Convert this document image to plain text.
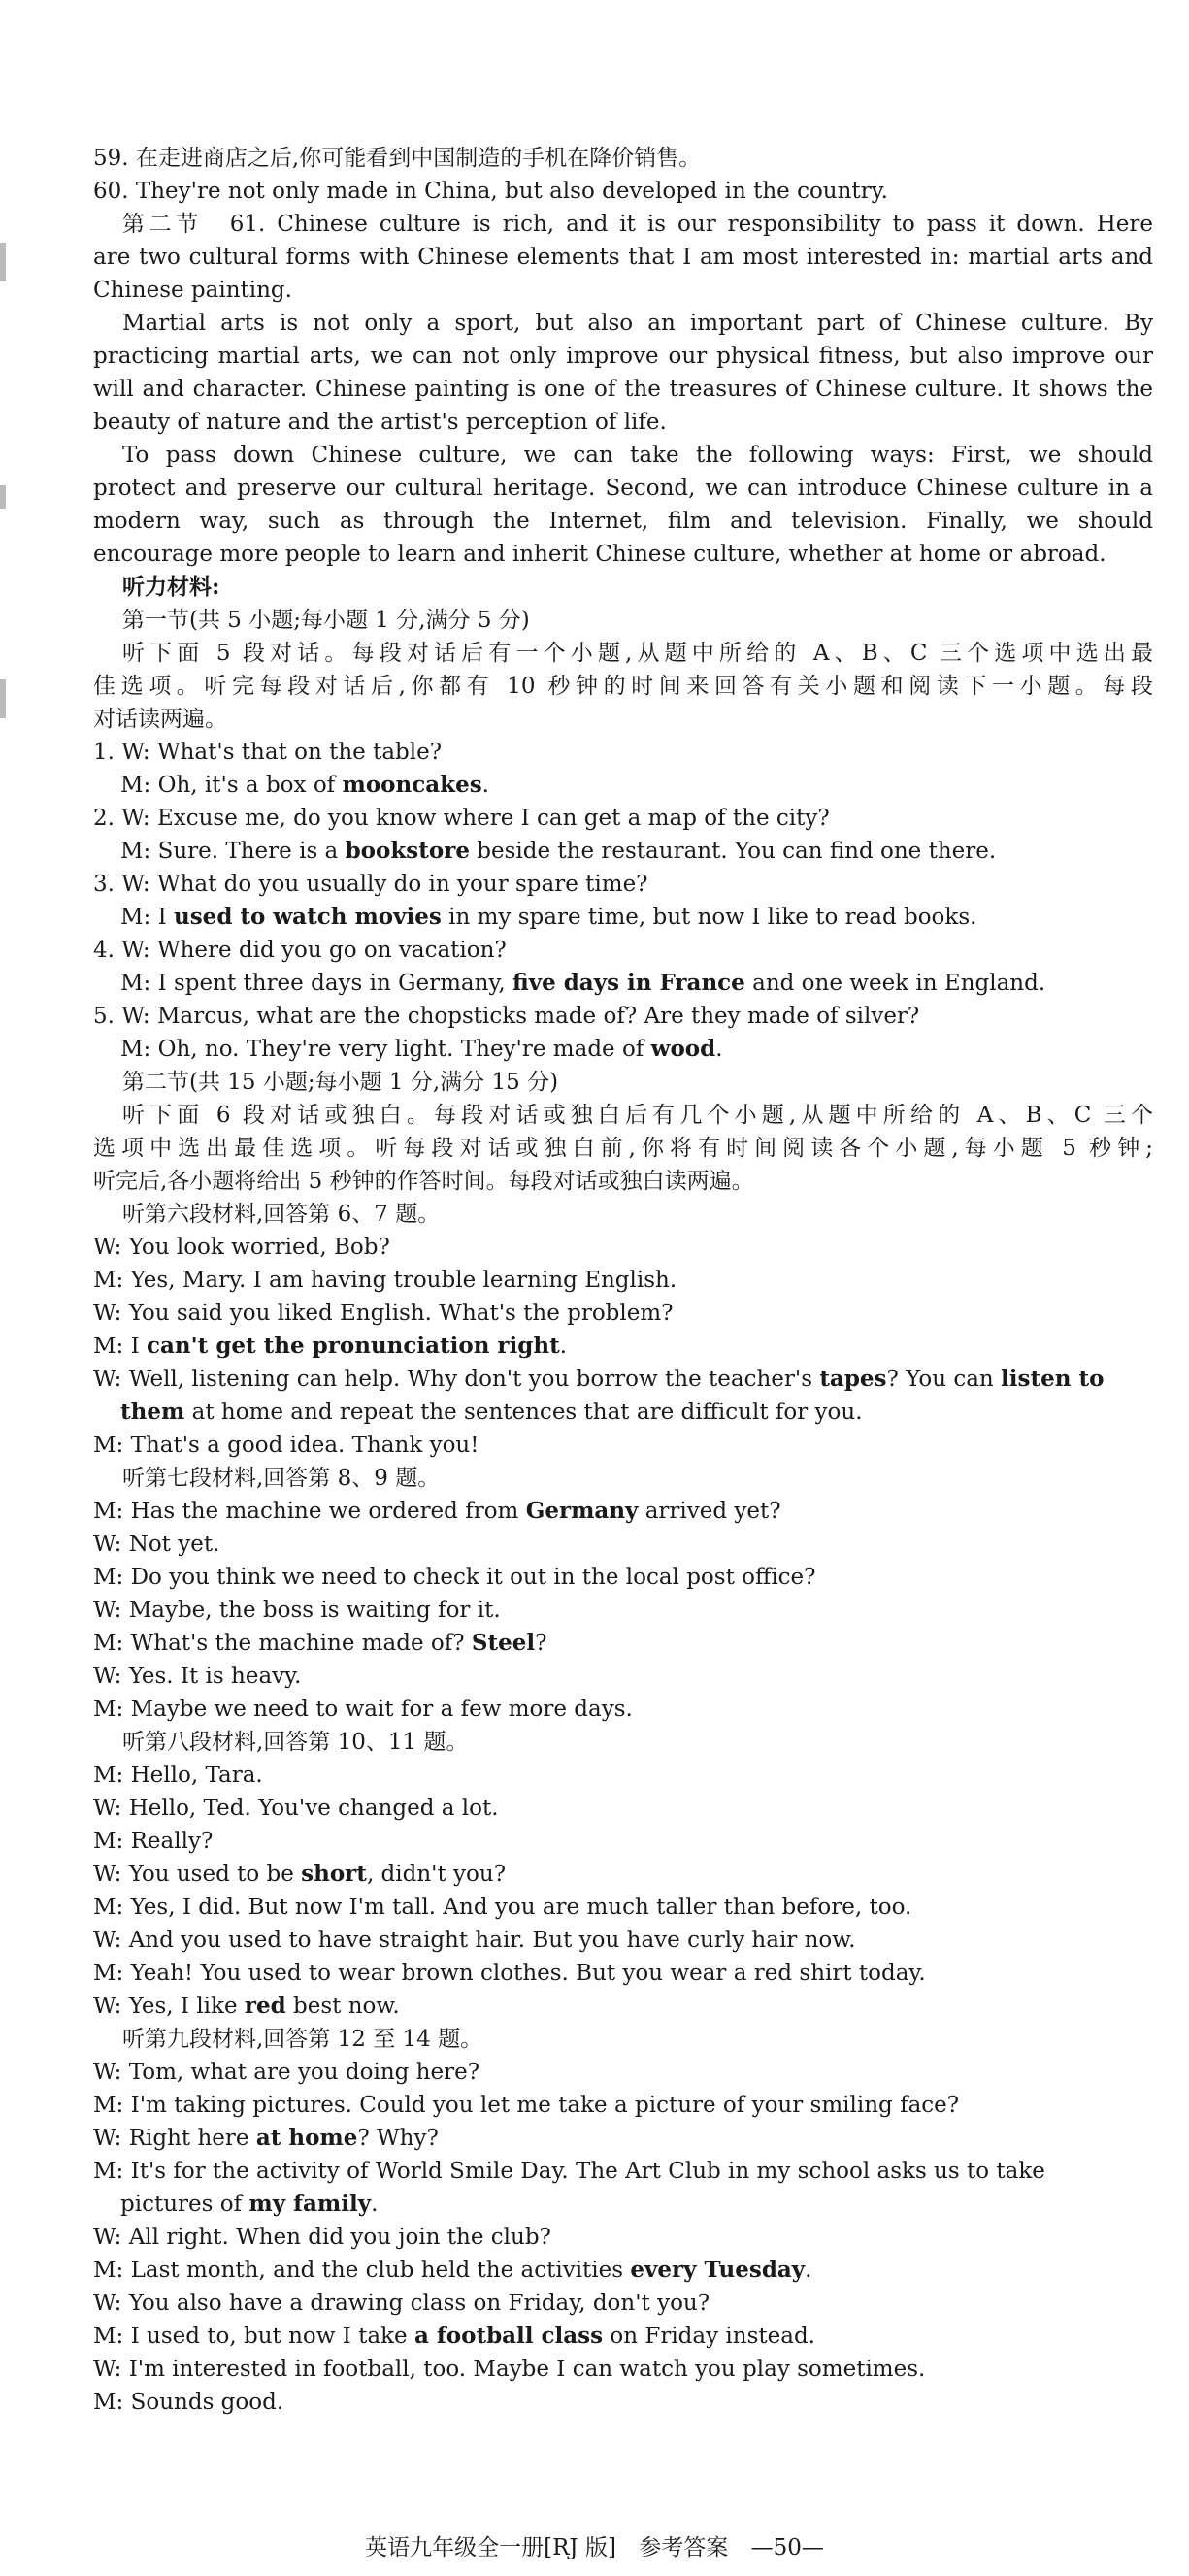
59. 在走进商店之后,你可能看到中国制造的手机在降价销售。
60. They're not only made in China, but also developed in the country.
第二节　61. Chinese culture is rich, and it is our responsibility to pass it down. Here
are two cultural forms with Chinese elements that I am most interested in: martial arts and
Chinese painting.
Martial arts is not only a sport, but also an important part of Chinese culture. By
practicing martial arts, we can not only improve our physical fitness, but also improve our
will and character. Chinese painting is one of the treasures of Chinese culture. It shows the
beauty of nature and the artist's perception of life.
To pass down Chinese culture, we can take the following ways: First, we should
protect and preserve our cultural heritage. Second, we can introduce Chinese culture in a
modern way, such as through the Internet, film and television. Finally, we should
encourage more people to learn and inherit Chinese culture, whether at home or abroad.
听力材料:
第一节(共 5 小题;每小题 1 分,满分 5 分)
听下面 5 段对话。每段对话后有一个小题,从题中所给的 A、B、C 三个选项中选出最
佳选项。听完每段对话后,你都有 10 秒钟的时间来回答有关小题和阅读下一小题。每段
对话读两遍。
1. W: What's that on the table?
M: Oh, it's a box of mooncakes.
2. W: Excuse me, do you know where I can get a map of the city?
M: Sure. There is a bookstore beside the restaurant. You can find one there.
3. W: What do you usually do in your spare time?
M: I used to watch movies in my spare time, but now I like to read books.
4. W: Where did you go on vacation?
M: I spent three days in Germany, five days in France and one week in England.
5. W: Marcus, what are the chopsticks made of? Are they made of silver?
M: Oh, no. They're very light. They're made of wood.
第二节(共 15 小题;每小题 1 分,满分 15 分)
听下面 6 段对话或独白。每段对话或独白后有几个小题,从题中所给的 A、B、C 三个
选项中选出最佳选项。听每段对话或独白前,你将有时间阅读各个小题,每小题 5 秒钟;
听完后,各小题将给出 5 秒钟的作答时间。每段对话或独白读两遍。
听第六段材料,回答第 6、7 题。
W: You look worried, Bob?
M: Yes, Mary. I am having trouble learning English.
W: You said you liked English. What's the problem?
M: I can't get the pronunciation right.
W: Well, listening can help. Why don't you borrow the teacher's tapes? You can listen to
them at home and repeat the sentences that are difficult for you.
M: That's a good idea. Thank you!
听第七段材料,回答第 8、9 题。
M: Has the machine we ordered from Germany arrived yet?
W: Not yet.
M: Do you think we need to check it out in the local post office?
W: Maybe, the boss is waiting for it.
M: What's the machine made of? Steel?
W: Yes. It is heavy.
M: Maybe we need to wait for a few more days.
听第八段材料,回答第 10、11 题。
M: Hello, Tara.
W: Hello, Ted. You've changed a lot.
M: Really?
W: You used to be short, didn't you?
M: Yes, I did. But now I'm tall. And you are much taller than before, too.
W: And you used to have straight hair. But you have curly hair now.
M: Yeah! You used to wear brown clothes. But you wear a red shirt today.
W: Yes, I like red best now.
听第九段材料,回答第 12 至 14 题。
W: Tom, what are you doing here?
M: I'm taking pictures. Could you let me take a picture of your smiling face?
W: Right here at home? Why?
M: It's for the activity of World Smile Day. The Art Club in my school asks us to take
pictures of my family.
W: All right. When did you join the club?
M: Last month, and the club held the activities every Tuesday.
W: You also have a drawing class on Friday, don't you?
M: I used to, but now I take a football class on Friday instead.
W: I'm interested in football, too. Maybe I can watch you play sometimes.
M: Sounds good.
英语九年级全一册[RJ 版] 参考答案 —50—
